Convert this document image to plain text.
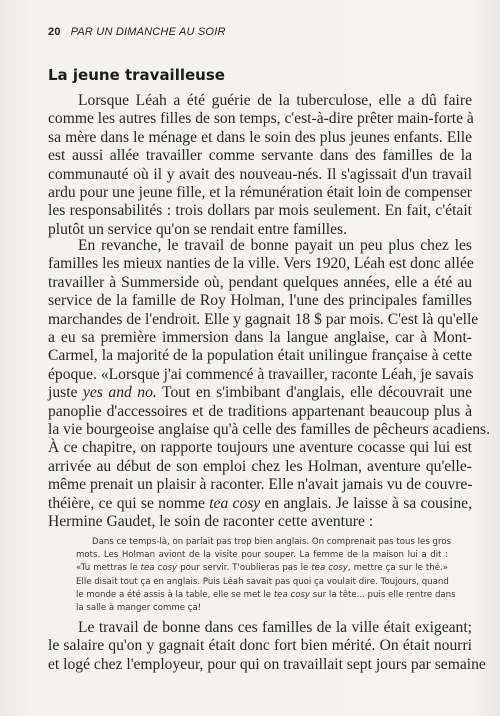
20 PAR UN DIMANCHE AU SOIR
La jeune travailleuse
Lorsque Léah a été guérie de la tuberculose, elle a dû faire
comme les autres filles de son temps, c'est-à-dire prêter main-forte à
sa mère dans le ménage et dans le soin des plus jeunes enfants. Elle
est aussi allée travailler comme servante dans des familles de la
communauté où il y avait des nouveau-nés. Il s'agissait d'un travail
ardu pour une jeune fille, et la rémunération était loin de compenser
les responsabilités : trois dollars par mois seulement. En fait, c'était
plutôt un service qu'on se rendait entre familles.
En revanche, le travail de bonne payait un peu plus chez les
familles les mieux nanties de la ville. Vers 1920, Léah est donc allée
travailler à Summerside où, pendant quelques années, elle a été au
service de la famille de Roy Holman, l'une des principales familles
marchandes de l'endroit. Elle y gagnait 18 $ par mois. C'est là qu'elle
a eu sa première immersion dans la langue anglaise, car à Mont-
Carmel, la majorité de la population était unilingue française à cette
époque. «Lorsque j'ai commencé à travailler, raconte Léah, je savais
juste yes and no. Tout en s'imbibant d'anglais, elle découvrait une
panoplie d'accessoires et de traditions appartenant beaucoup plus à
la vie bourgeoise anglaise qu'à celle des familles de pêcheurs acadiens.
À ce chapitre, on rapporte toujours une aventure cocasse qui lui est
arrivée au début de son emploi chez les Holman, aventure qu'elle-
même prenait un plaisir à raconter. Elle n'avait jamais vu de couvre-
théière, ce qui se nomme tea cosy en anglais. Je laisse à sa cousine,
Hermine Gaudet, le soin de raconter cette aventure :
Dans ce temps-là, on parlait pas trop bien anglais. On comprenait pas tous les gros
mots. Les Holman aviont de la visite pour souper. La femme de la maison lui a dit :
«Tu mettras le tea cosy pour servir. T'oublieras pas le tea cosy, mettre ça sur le thé.»
Elle disait tout ça en anglais. Puis Léah savait pas quoi ça voulait dire. Toujours, quand
le monde a été assis à la table, elle se met le tea cosy sur la tête... puis elle rentre dans
la salle à manger comme ça!
Le travail de bonne dans ces familles de la ville était exigeant;
le salaire qu'on y gagnait était donc fort bien mérité. On était nourri
et logé chez l'employeur, pour qui on travaillait sept jours par semaine
